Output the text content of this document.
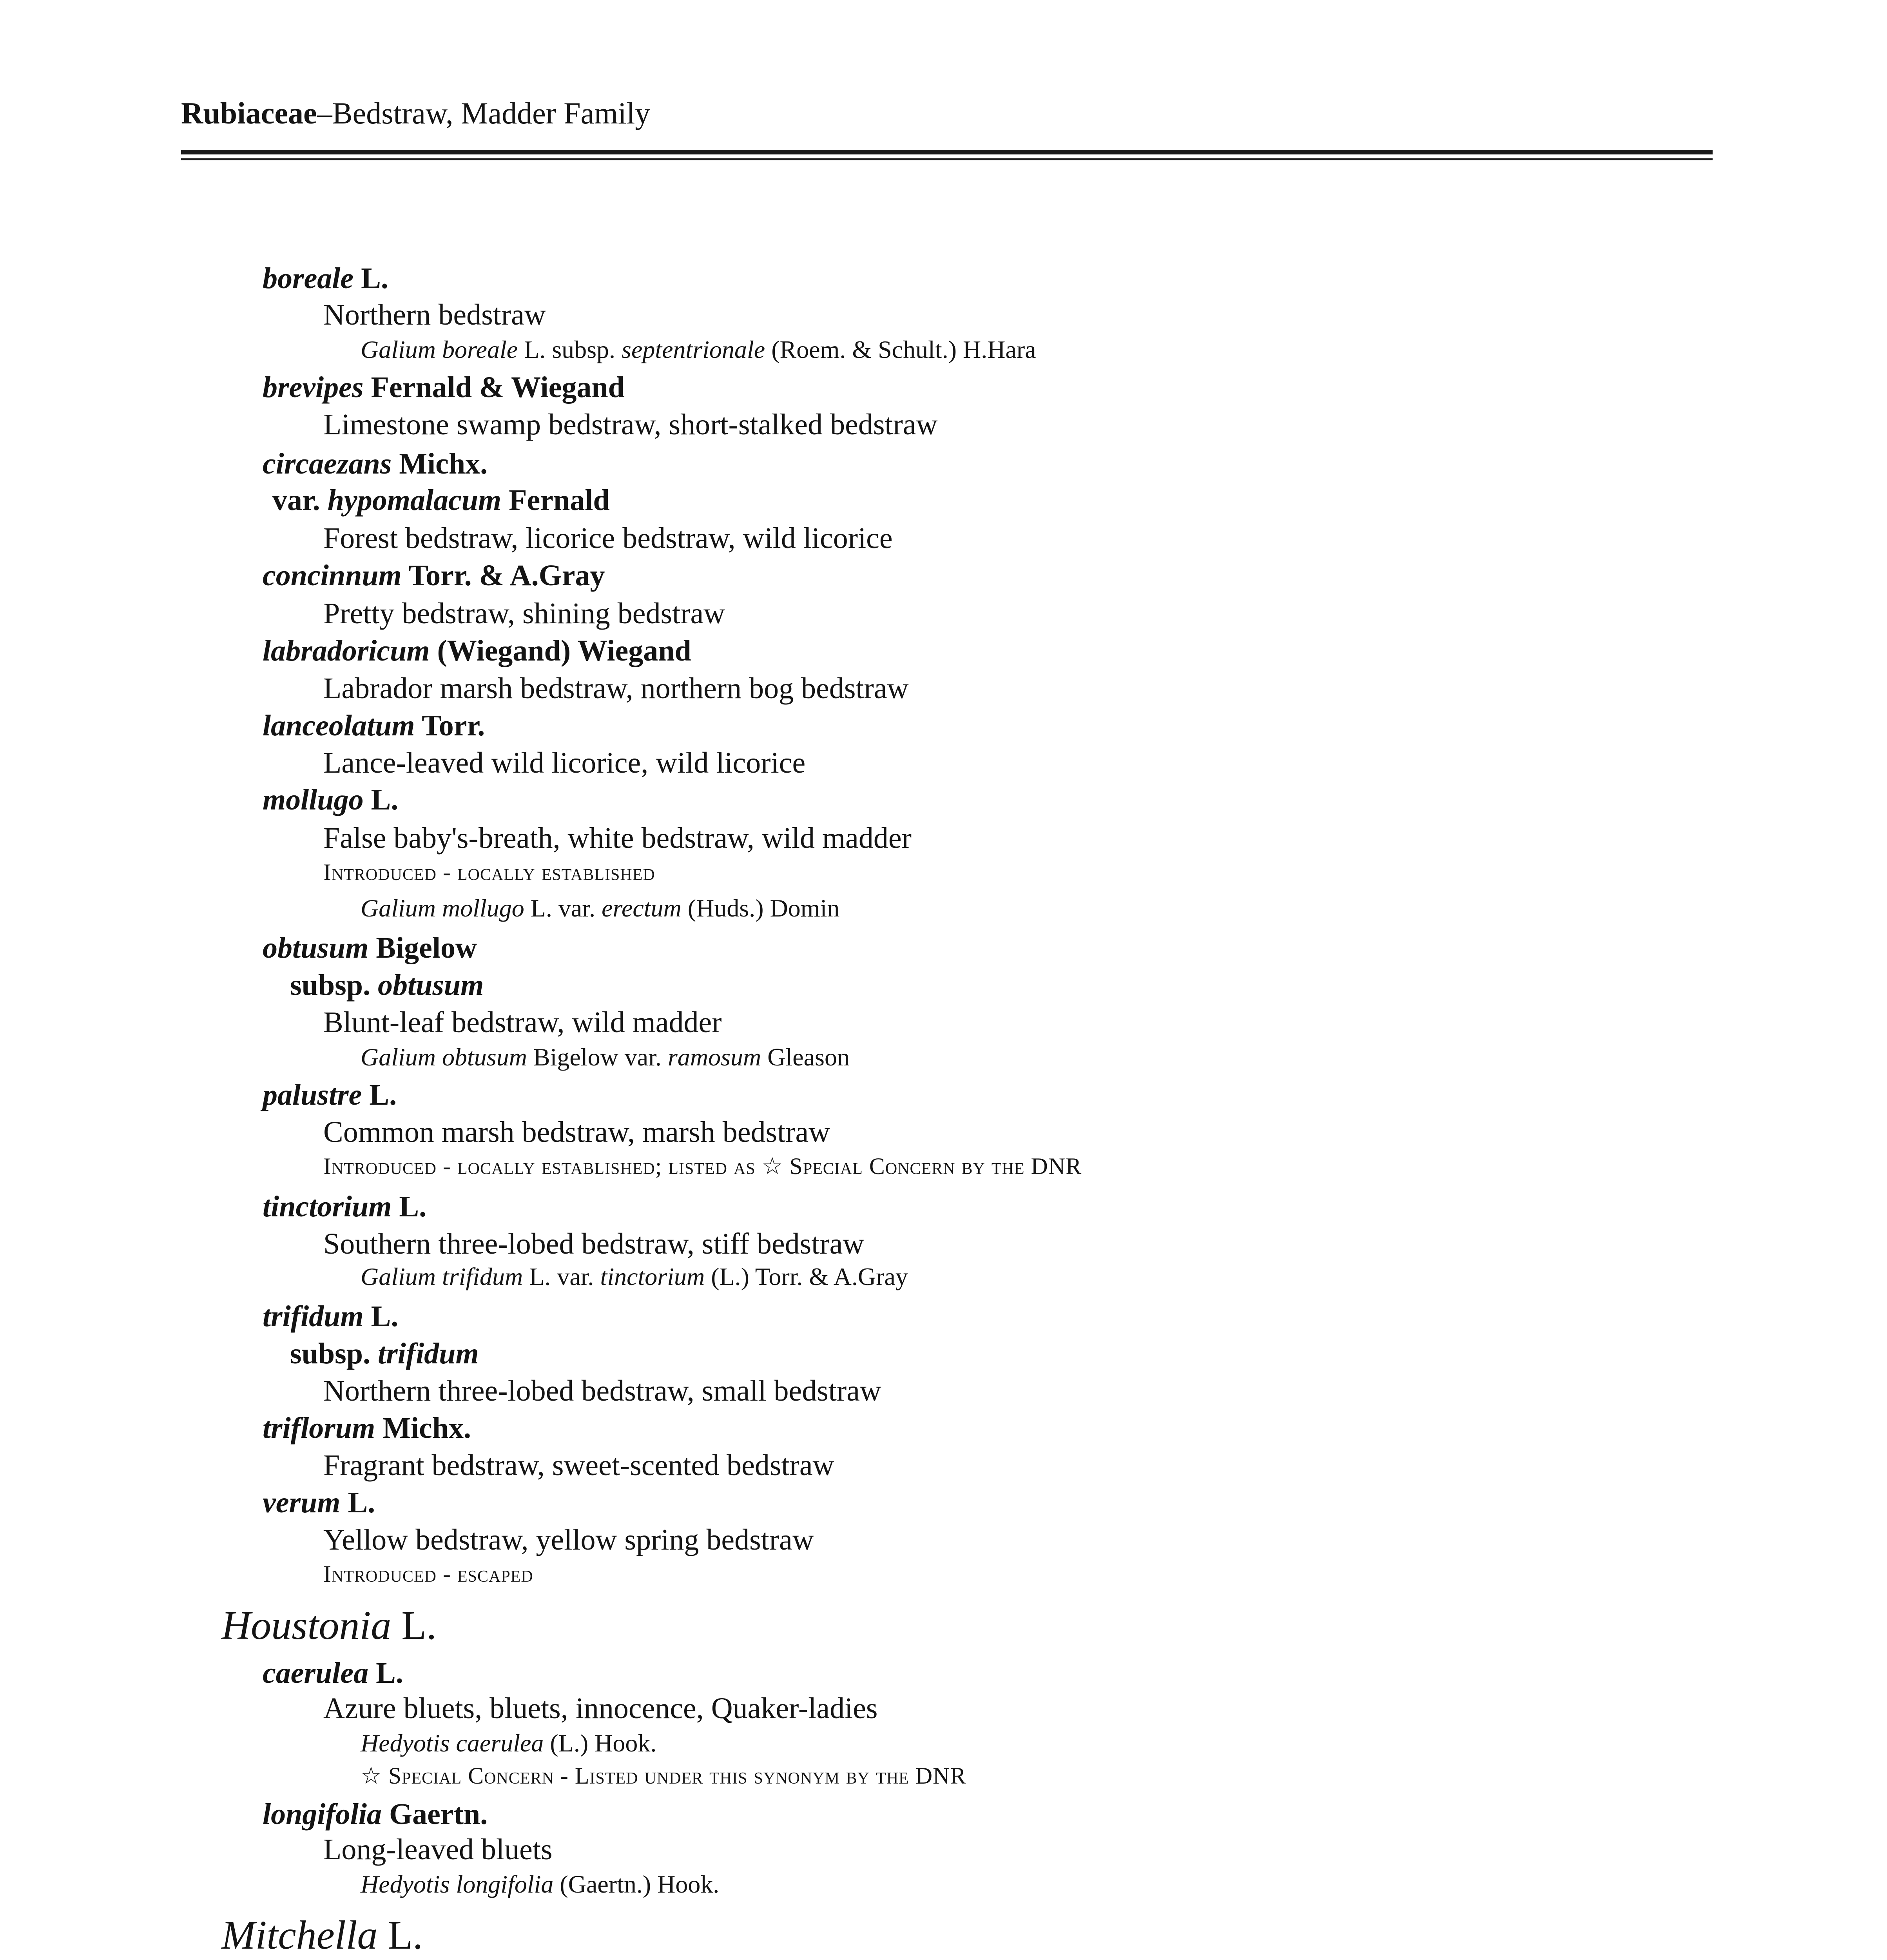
Rubiaceae–Bedstraw, Madder Family
boreale L.
Northern bedstraw
Galium boreale L. subsp. septentrionale (Roem. & Schult.) H.Hara
brevipes Fernald & Wiegand
Limestone swamp bedstraw, short-stalked bedstraw
circaezans Michx.
var. hypomalacum Fernald
Forest bedstraw, licorice bedstraw, wild licorice
concinnum Torr. & A.Gray
Pretty bedstraw, shining bedstraw
labradoricum (Wiegand) Wiegand
Labrador marsh bedstraw, northern bog bedstraw
lanceolatum Torr.
Lance-leaved wild licorice, wild licorice
mollugo L.
False baby's-breath, white bedstraw, wild madder
Introduced - locally established
Galium mollugo L. var. erectum (Huds.) Domin
obtusum Bigelow
subsp. obtusum
Blunt-leaf bedstraw, wild madder
Galium obtusum Bigelow var. ramosum Gleason
palustre L.
Common marsh bedstraw, marsh bedstraw
Introduced - locally established; listed as ☆ Special Concern by the DNR
tinctorium L.
Southern three-lobed bedstraw, stiff bedstraw
Galium trifidum L. var. tinctorium (L.) Torr. & A.Gray
trifidum L.
subsp. trifidum
Northern three-lobed bedstraw, small bedstraw
triflorum Michx.
Fragrant bedstraw, sweet-scented bedstraw
verum L.
Yellow bedstraw, yellow spring bedstraw
Introduced - escaped
Houstonia L.
caerulea L.
Azure bluets, bluets, innocence, Quaker-ladies
Hedyotis caerulea (L.) Hook.
☆ Special Concern - Listed under this synonym by the DNR
longifolia Gaertn.
Long-leaved bluets
Hedyotis longifolia (Gaertn.) Hook.
Mitchella L.
